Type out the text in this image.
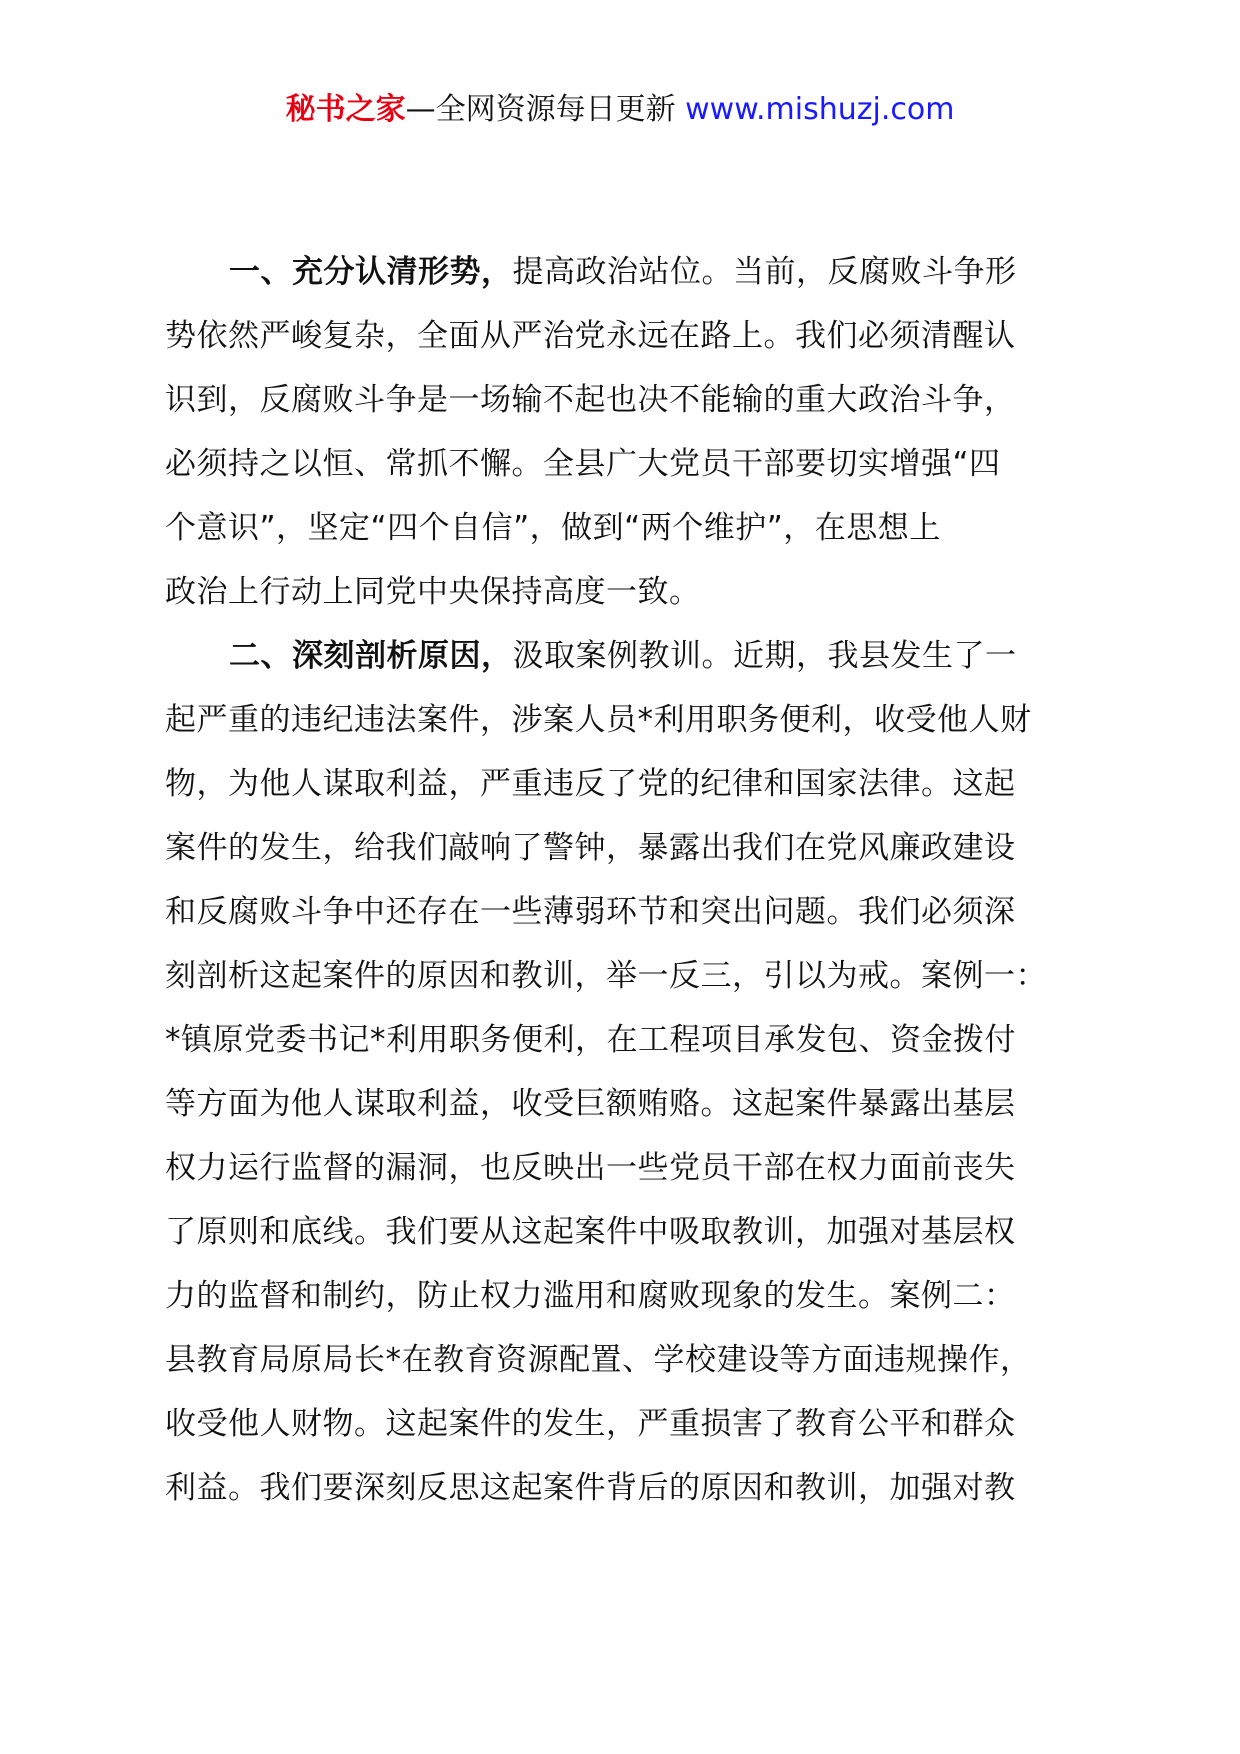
秘书之家—全网资源每日更新 www.mishuzj.com
一、充分认清形势，提高政治站位。当前，反腐败斗争形
势依然严峻复杂，全面从严治党永远在路上。我们必须清醒认
识到，反腐败斗争是一场输不起也决不能输的重大政治斗争，
必须持之以恒、常抓不懈。全县广大党员干部要切实增强“四
个意识”，坚定“四个自信”，做到“两个维护”，在思想上
政治上行动上同党中央保持高度一致。
二、深刻剖析原因，汲取案例教训。近期，我县发生了一
起严重的违纪违法案件，涉案人员*利用职务便利，收受他人财
物，为他人谋取利益，严重违反了党的纪律和国家法律。这起
案件的发生，给我们敲响了警钟，暴露出我们在党风廉政建设
和反腐败斗争中还存在一些薄弱环节和突出问题。我们必须深
刻剖析这起案件的原因和教训，举一反三，引以为戒。案例一：
*镇原党委书记*利用职务便利，在工程项目承发包、资金拨付
等方面为他人谋取利益，收受巨额贿赂。这起案件暴露出基层
权力运行监督的漏洞，也反映出一些党员干部在权力面前丧失
了原则和底线。我们要从这起案件中吸取教训，加强对基层权
力的监督和制约，防止权力滥用和腐败现象的发生。案例二：
县教育局原局长*在教育资源配置、学校建设等方面违规操作，
收受他人财物。这起案件的发生，严重损害了教育公平和群众
利益。我们要深刻反思这起案件背后的原因和教训，加强对教
